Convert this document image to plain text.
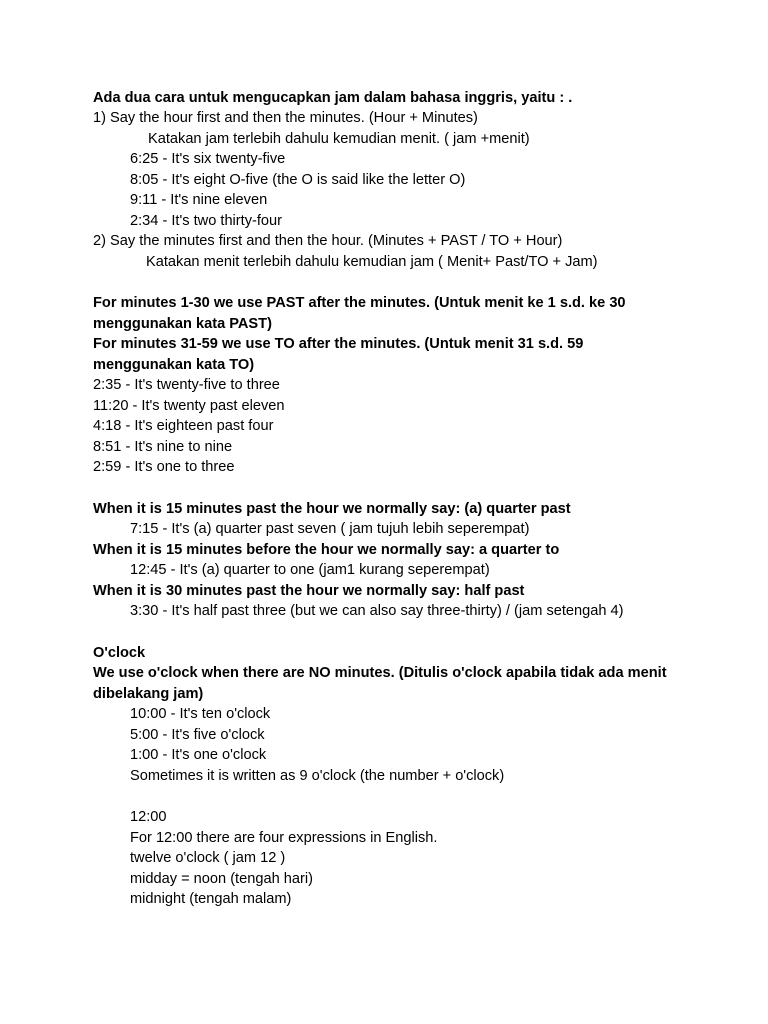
Ada dua cara untuk mengucapkan jam dalam bahasa inggris, yaitu : .
1) Say the hour first and then the minutes. (Hour + Minutes)
Katakan jam terlebih dahulu kemudian menit. ( jam +menit)
6:25 - It's six twenty-five
8:05 - It's eight O-five (the O is said like the letter O)
9:11 - It's nine eleven
2:34 - It's two thirty-four
2) Say the minutes first and then the hour. (Minutes + PAST / TO + Hour)
Katakan menit terlebih dahulu kemudian jam ( Menit+ Past/TO + Jam)
For minutes 1-30 we use PAST after the minutes. (Untuk menit ke 1 s.d. ke 30
menggunakan kata PAST)
For minutes 31-59 we use TO after the minutes. (Untuk menit 31 s.d. 59
menggunakan kata TO)
2:35 - It's twenty-five to three
11:20 - It's twenty past eleven
4:18 - It's eighteen past four
8:51 - It's nine to nine
2:59 - It's one to three
When it is 15 minutes past the hour we normally say: (a) quarter past
7:15 - It's (a) quarter past seven ( jam tujuh lebih seperempat)
When it is 15 minutes before the hour we normally say: a quarter to
12:45 - It's (a) quarter to one (jam1 kurang seperempat)
When it is 30 minutes past the hour we normally say: half past
3:30 - It's half past three (but we can also say three-thirty) / (jam setengah 4)
O'clock
We use o'clock when there are NO minutes. (Ditulis o'clock apabila tidak ada menit
dibelakang jam)
10:00 - It's ten o'clock
5:00 - It's five o'clock
1:00 - It's one o'clock
Sometimes it is written as 9 o'clock (the number + o'clock)
12:00
For 12:00 there are four expressions in English.
twelve o'clock ( jam 12 )
midday = noon (tengah hari)
midnight (tengah malam)
